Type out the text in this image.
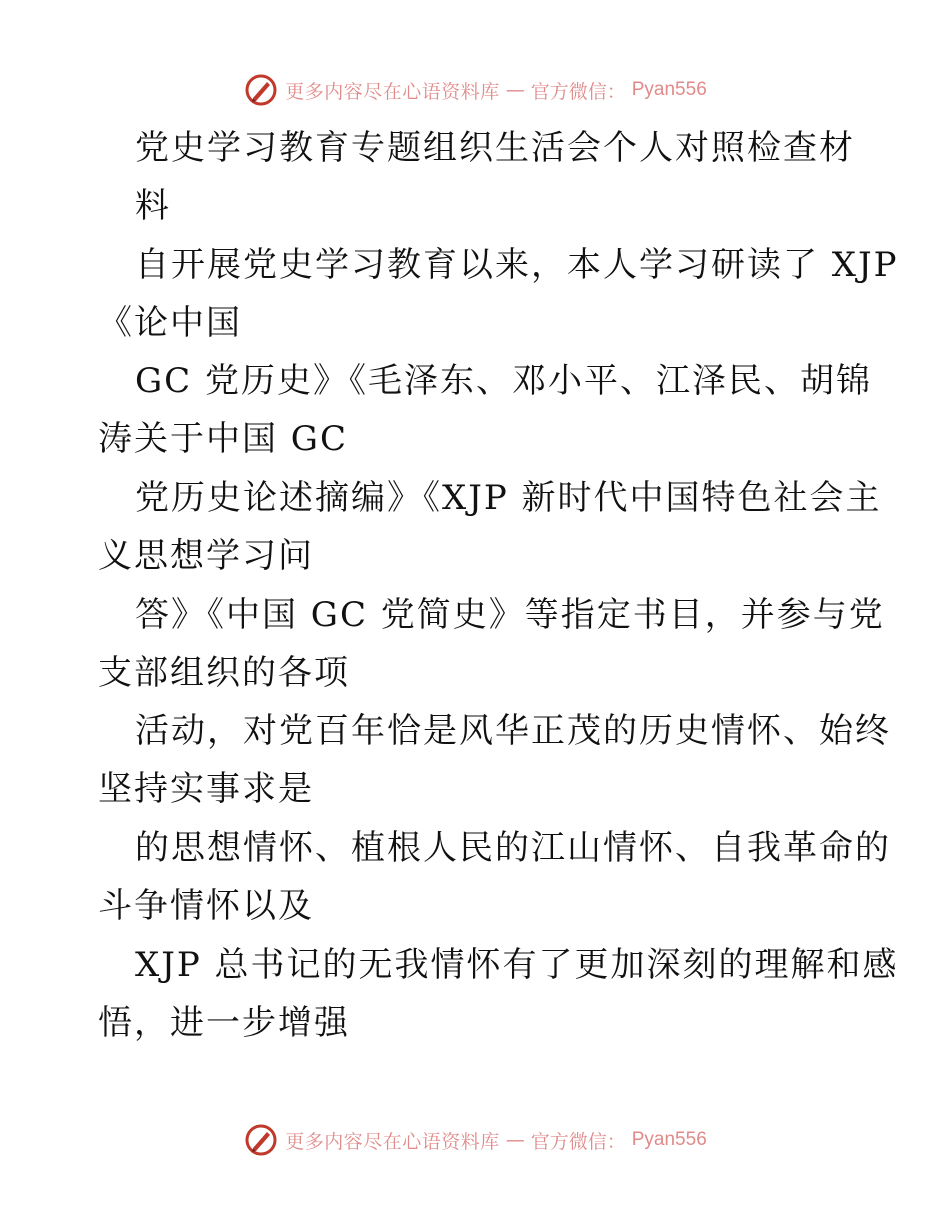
更多内容尽在心语资料库 — 官方微信： Pyan556
党史学习教育专题组织生活会个人对照检查材
料
自开展党史学习教育以来，本人学习研读了 XJP
《论中国
GC 党历史》《毛泽东、邓小平、江泽民、胡锦
涛关于中国 GC
党历史论述摘编》《XJP 新时代中国特色社会主
义思想学习问
答》《中国 GC 党简史》等指定书目，并参与党
支部组织的各项
活动，对党百年恰是风华正茂的历史情怀、始终
坚持实事求是
的思想情怀、植根人民的江山情怀、自我革命的
斗争情怀以及
XJP 总书记的无我情怀有了更加深刻的理解和感
悟，进一步增强
更多内容尽在心语资料库 — 官方微信： Pyan556
